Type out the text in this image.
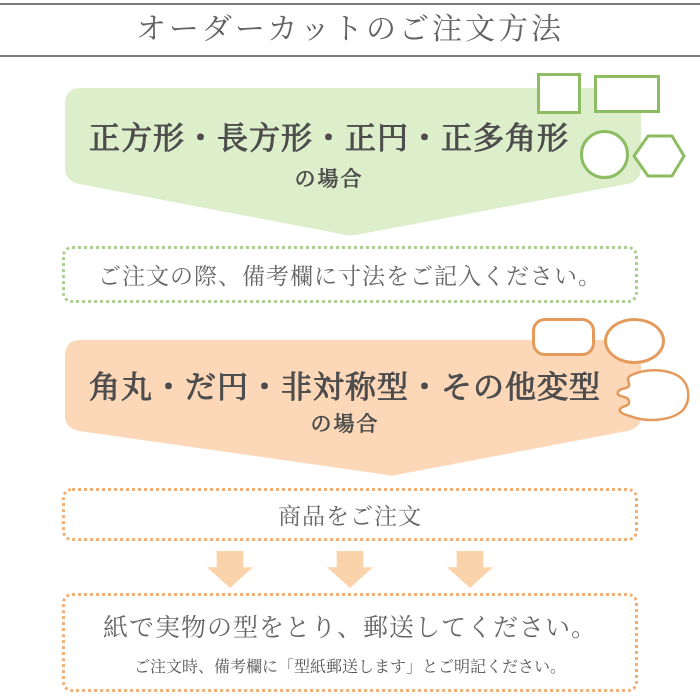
オーダーカットのご注文方法
正方形・長方形・正円・正多角形
の場合
ご注文の際、備考欄に寸法をご記入ください。
角丸・だ円・非対称型・その他変型
の場合
商品をご注文
紙で実物の型をとり、郵送してください。
ご注文時、備考欄に「型紙郵送します」とご明記ください。
